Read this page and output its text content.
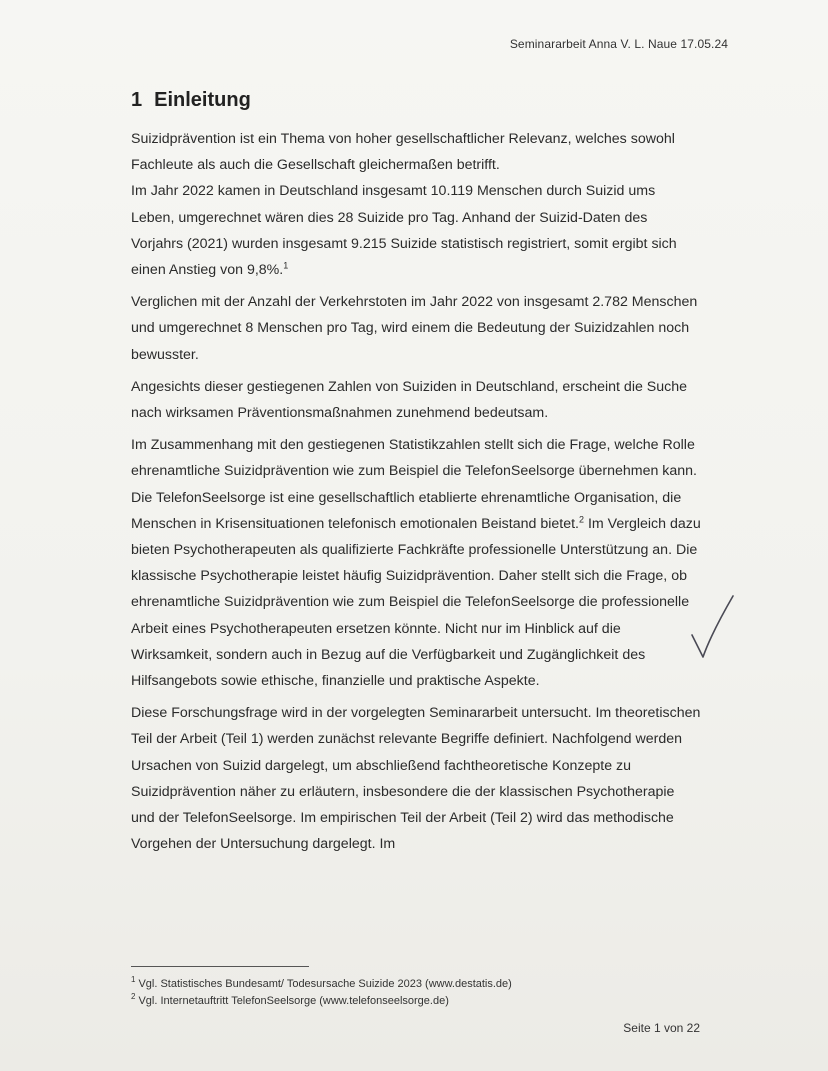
Seminararbeit Anna V. L. Naue 17.05.24
1 Einleitung

Suizidprävention ist ein Thema von hoher gesellschaftlicher Relevanz, welches sowohl Fachleute als auch die Gesellschaft gleichermaßen betrifft.

Im Jahr 2022 kamen in Deutschland insgesamt 10.119 Menschen durch Suizid ums Leben, umgerechnet wären dies 28 Suizide pro Tag. Anhand der Suizid-Daten des Vorjahrs (2021) wurden insgesamt 9.215 Suizide statistisch registriert, somit ergibt sich einen Anstieg von 9,8%.$^1$

Verglichen mit der Anzahl der Verkehrstoten im Jahr 2022 von insgesamt 2.782 Menschen und umgerechnet 8 Menschen pro Tag, wird einem die Bedeutung der Suizidzahlen noch bewusster.

Angesichts dieser gestiegenen Zahlen von Suiziden in Deutschland, erscheint die Suche nach wirksamen Präventionsmaßnahmen zunehmend bedeutsam.

Im Zusammenhang mit den gestiegenen Statistikzahlen stellt sich die Frage, welche Rolle ehrenamtliche Suizidprävention wie zum Beispiel die TelefonSeelsorge übernehmen kann. Die TelefonSeelsorge ist eine gesellschaftlich etablierte ehrenamtliche Organisation, die Menschen in Krisensituationen telefonisch emotionalen Beistand bietet.$^2$ Im Vergleich dazu bieten Psychotherapeuten als qualifizierte Fachkräfte professionelle Unterstützung an. Die klassische Psychotherapie leistet häufig Suizidprävention. Daher stellt sich die Frage, ob ehrenamtliche Suizidprävention wie zum Beispiel die TelefonSeelsorge die professionelle Arbeit eines Psychotherapeuten ersetzen könnte. Nicht nur im Hinblick auf die Wirksamkeit, sondern auch in Bezug auf die Verfügbarkeit und Zugänglichkeit des Hilfsangebots sowie ethische, finanzielle und praktische Aspekte.

Diese Forschungsfrage wird in der vorgelegten Seminararbeit untersucht. Im theoretischen Teil der Arbeit (Teil 1) werden zunächst relevante Begriffe definiert. Nachfolgend werden Ursachen von Suizid dargelegt, um abschließend fachtheoretische Konzepte zu Suizidprävention näher zu erläutern, insbesondere die der klassischen Psychotherapie und der TelefonSeelsorge. Im empirischen Teil der Arbeit (Teil 2) wird das methodische Vorgehen der Untersuchung dargelegt. Im

$^1$ Vgl. Statistisches Bundesamt/ Todesursache Suizide 2023 (www.destatis.de)
$^2$ Vgl. Internetauftritt TelefonSeelsorge (www.telefonseelsorge.de)
Seite 1 von 22
